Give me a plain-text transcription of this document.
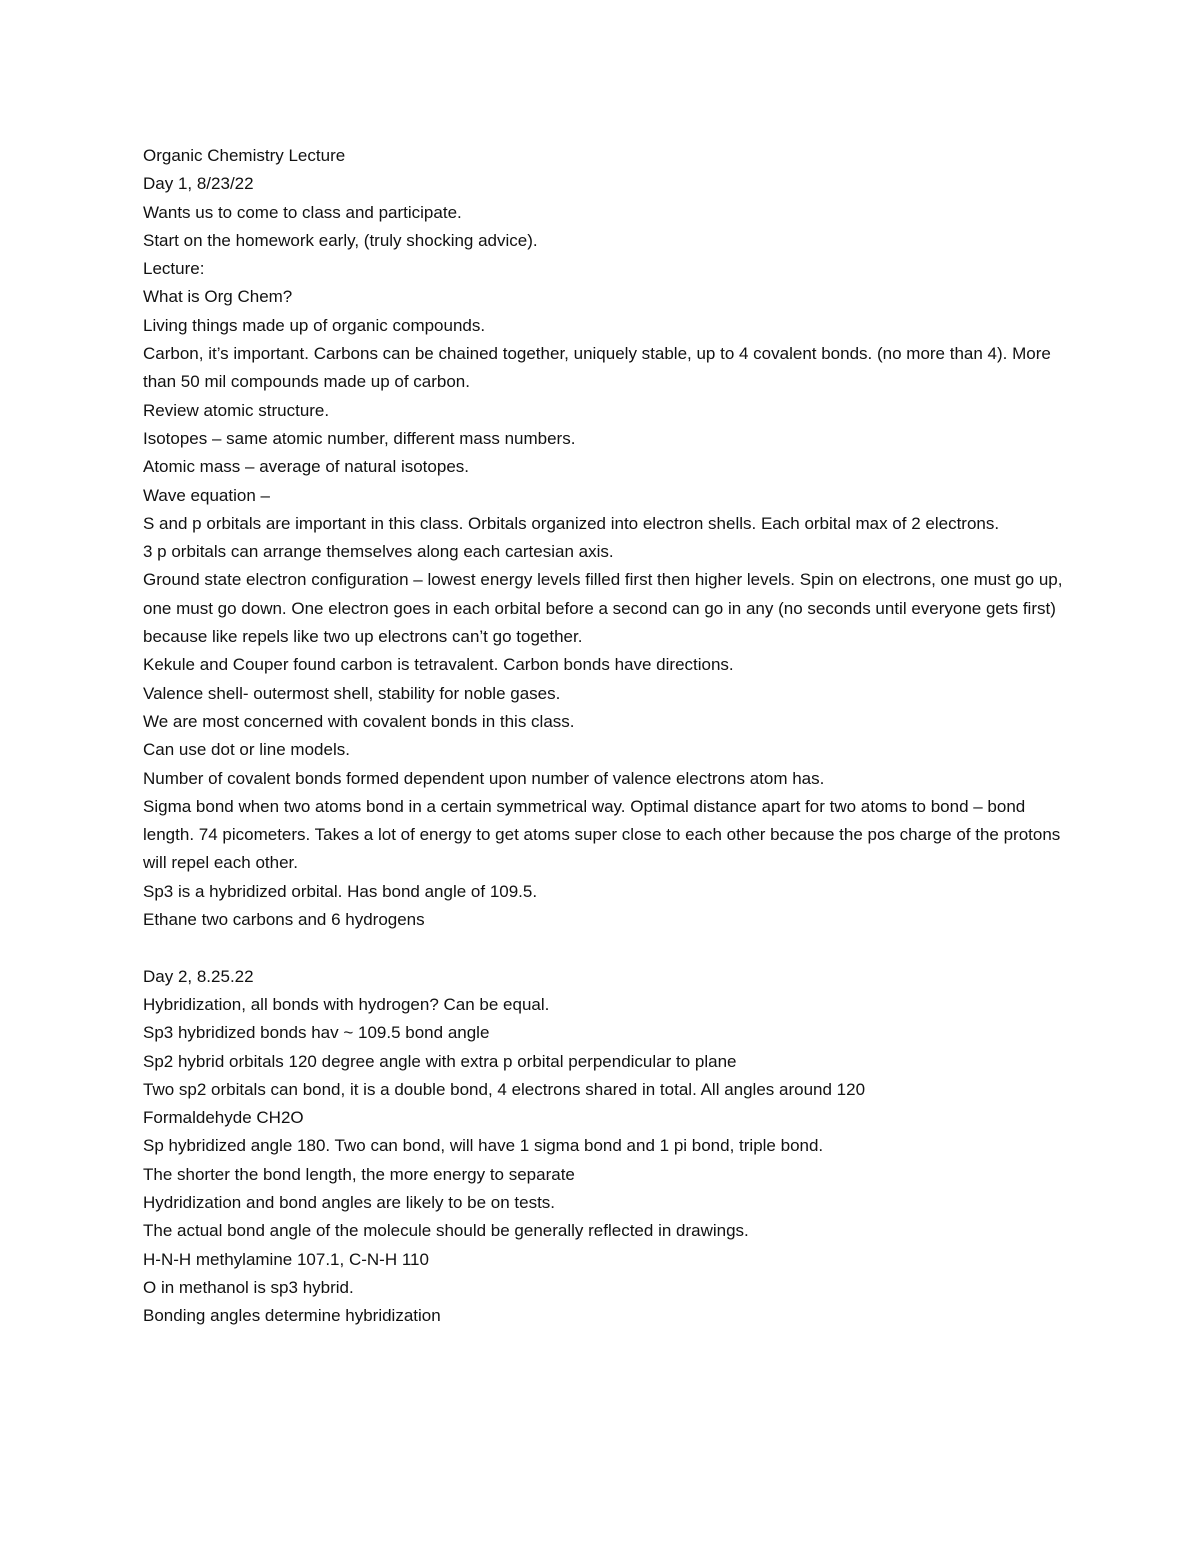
Organic Chemistry Lecture

Day 1, 8/23/22

Wants us to come to class and participate.

Start on the homework early, (truly shocking advice).

Lecture:

What is Org Chem?

Living things made up of organic compounds.

Carbon, it’s important. Carbons can be chained together, uniquely stable, up to 4 covalent bonds. (no more than 4). More than 50 mil compounds made up of carbon.

Review atomic structure.

Isotopes – same atomic number, different mass numbers.

Atomic mass – average of natural isotopes.

Wave equation –

S and p orbitals are important in this class. Orbitals organized into electron shells. Each orbital max of 2 electrons.

3 p orbitals can arrange themselves along each cartesian axis.

Ground state electron configuration – lowest energy levels filled first then higher levels. Spin on electrons, one must go up, one must go down. One electron goes in each orbital before a second can go in any (no seconds until everyone gets first) because like repels like two up electrons can’t go together.

Kekule and Couper found carbon is tetravalent. Carbon bonds have directions.

Valence shell- outermost shell, stability for noble gases.

We are most concerned with covalent bonds in this class.

Can use dot or line models.

Number of covalent bonds formed dependent upon number of valence electrons atom has.

Sigma bond when two atoms bond in a certain symmetrical way. Optimal distance apart for two atoms to bond – bond length. 74 picometers. Takes a lot of energy to get atoms super close to each other because the pos charge of the protons will repel each other.

Sp3 is a hybridized orbital. Has bond angle of 109.5.

Ethane two carbons and 6 hydrogens

Day 2, 8.25.22

Hybridization, all bonds with hydrogen? Can be equal.

Sp3 hybridized bonds hav ~ 109.5 bond angle

Sp2 hybrid orbitals 120 degree angle with extra p orbital perpendicular to plane

Two sp2 orbitals can bond, it is a double bond, 4 electrons shared in total. All angles around 120

Formaldehyde CH2O

Sp hybridized angle 180. Two can bond, will have 1 sigma bond and 1 pi bond, triple bond.

The shorter the bond length, the more energy to separate

Hydridization and bond angles are likely to be on tests.

The actual bond angle of the molecule should be generally reflected in drawings.

H-N-H methylamine 107.1, C-N-H 110

O in methanol is sp3 hybrid.

Bonding angles determine hybridization
